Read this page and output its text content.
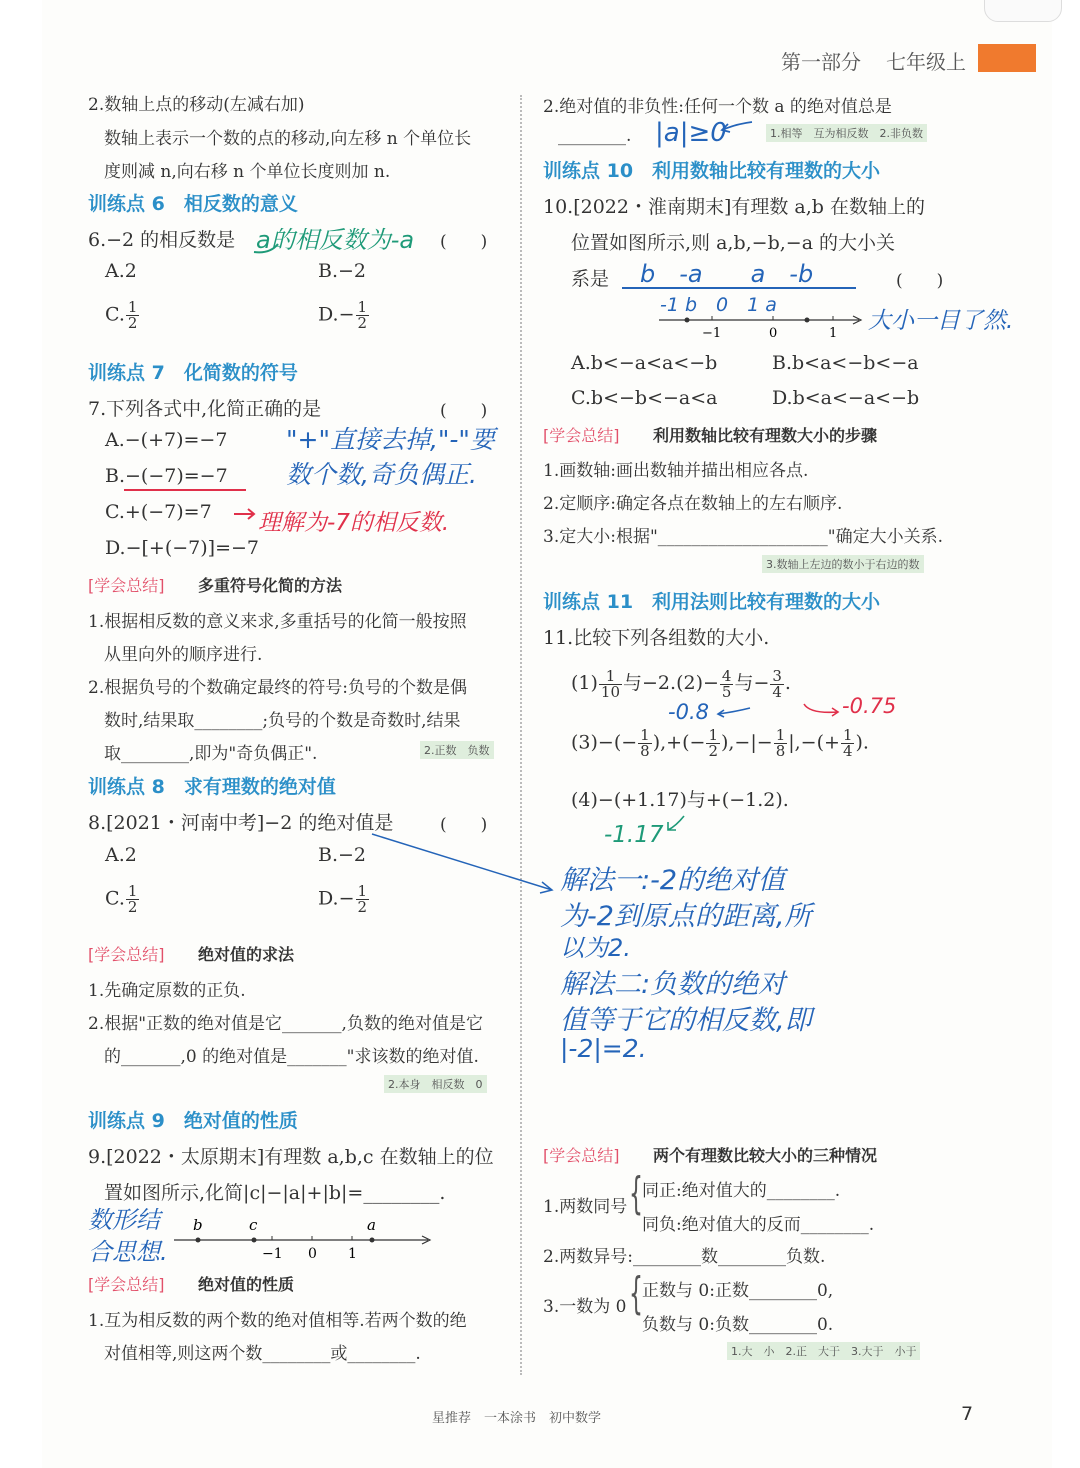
第一部分 七年级上
2.数轴上点的移动(左减右加)
数轴上表示一个数的点的移动,向左移 n 个单位长
度则减 n,向右移 n 个单位长度则加 n.
训练点 6　相反数的意义
6.−2 的相反数是 a的相反数为-a (　　)
A.2	B.−2
C. $\frac{1}{2}$	$D.- \frac{1}{2}$
训练点 7　化简数的符号
7.下列各式中,化简正确的是	(　　)
A.−(+7)=−7
B.−(−7)=−7
C.+(−7)=7
D.−[+(−7)]=−7
"+"直接去掉,"-"要
数个数,奇负偶正.
理解为-7的相反数.
[学会总结] 多重符号化简的方法
1.根据相反数的意义来求,多重括号的化简一般按照
从里向外的顺序进行.
2.根据负号的个数确定最终的符号:负号的个数是偶
数时,结果取________;负号的个数是奇数时,结果
取________,即为"奇负偶正".	2.正数　负数
训练点 8　求有理数的绝对值
8.[2021・河南中考]−2 的绝对值是	(　　)
A.2	B.−2
C. $\frac{1}{2}$	$D.- \frac{1}{2}$
[学会总结] 绝对值的求法
1.先确定原数的正负.
2.根据"正数的绝对值是它_______,负数的绝对值是它
的_______,0 的绝对值是_______"求该数的绝对值.
2.本身　相反数　0
训练点 9　绝对值的性质
9.[2022・太原期末]有理数 a,b,c 在数轴上的位
置如图所示,化简|c|−|a|+|b|=________.
数形结
合思想.
b	c	a
−1 0 1
[学会总结] 绝对值的性质
1.互为相反数的两个数的绝对值相等.若两个数的绝
对值相等,则这两个数________或________.
2.绝对值的非负性:任何一个数 a 的绝对值总是
________. |a|≥0	1.相等　互为相反数　2.非负数
训练点 10　利用数轴比较有理数的大小
10.[2022・淮南期末]有理数 a,b 在数轴上的
位置如图所示,则 a,b,−b,−a 的大小关
系是	(　　)
b　-a　　a　-b
-1 b　0　1 a
−1	0	1 大小一目了然.
A.b<−a<a<−b	B.b<a<−b<−a
C.b<−b<−a<a	D.b<a<−a<−b
[学会总结] 利用数轴比较有理数大小的步骤
1.画数轴:画出数轴并描出相应各点.
2.定顺序:确定各点在数轴上的左右顺序.
3.定大小:根据"____________________"确定大小关系.
3.数轴上左边的数小于右边的数
训练点 11　利用法则比较有理数的大小
11.比较下列各组数的大小.
$(1) \frac{1}{10}$ 与$-2.(2)- \frac{4}{5}$ 与− $\frac{3}{4}$ .
-0.8	-0.75
$(3)-(- \frac{1}{8}$ ),+(− $\frac{1}{2}$ ),−|− $\frac{1}{8}$ |,−(+ $\frac{1}{4}$ ).
(4)−(+1.17)与+(−1.2).
-1.17
解法一:-2的绝对值
为-2到原点的距离,所
以为2.
解法二:负数的绝对
值等于它的相反数,即
|-2|=2.
[学会总结] 两个有理数比较大小的三种情况
1.两数同号 { 同正:绝对值大的________.
同负:绝对值大的反而________.
2.两数异号:________数________负数.
3.一数为 0 { 正数与 0:正数________0,
负数与 0:负数________0.
1.大　小　2.正　大于　3.大于　小于
星推荐　一本涂书　初中数学	7
